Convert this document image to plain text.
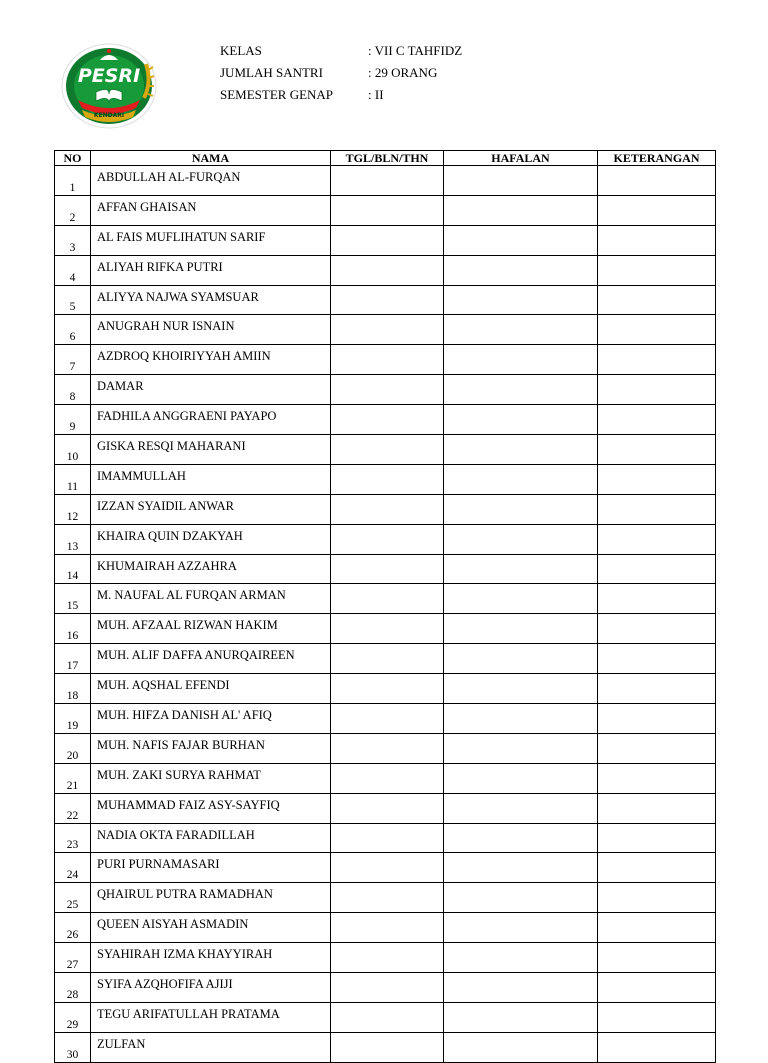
PESRI
KENDARI
KELAS	: VII C TAHFIDZ
JUMLAH SANTRI	: 29 ORANG
SEMESTER GENAP	: II
NO	NAMA	TGL/BLN/THN	HAFALAN	KETERANGAN
1	ABDULLAH AL-FURQAN			
2	AFFAN GHAISAN			
3	AL FAIS MUFLIHATUN SARIF			
4	ALIYAH RIFKA PUTRI			
5	ALIYYA NAJWA SYAMSUAR			
6	ANUGRAH NUR ISNAIN			
7	AZDROQ KHOIRIYYAH AMIIN			
8	DAMAR			
9	FADHILA ANGGRAENI PAYAPO			
10	GISKA RESQI MAHARANI			
11	IMAMMULLAH			
12	IZZAN SYAIDIL ANWAR			
13	KHAIRA QUIN DZAKYAH			
14	KHUMAIRAH AZZAHRA			
15	M. NAUFAL AL FURQAN ARMAN			
16	MUH. AFZAAL RIZWAN HAKIM			
17	MUH. ALIF DAFFA ANURQAIREEN			
18	MUH. AQSHAL EFENDI			
19	MUH. HIFZA DANISH AL' AFIQ			
20	MUH. NAFIS FAJAR BURHAN			
21	MUH. ZAKI SURYA RAHMAT			
22	MUHAMMAD FAIZ ASY-SAYFIQ			
23	NADIA OKTA FARADILLAH			
24	PURI PURNAMASARI			
25	QHAIRUL PUTRA RAMADHAN			
26	QUEEN AISYAH ASMADIN			
27	SYAHIRAH IZMA KHAYYIRAH			
28	SYIFA AZQHOFIFA AJIJI			
29	TEGU ARIFATULLAH PRATAMA			
30	ZULFAN			
